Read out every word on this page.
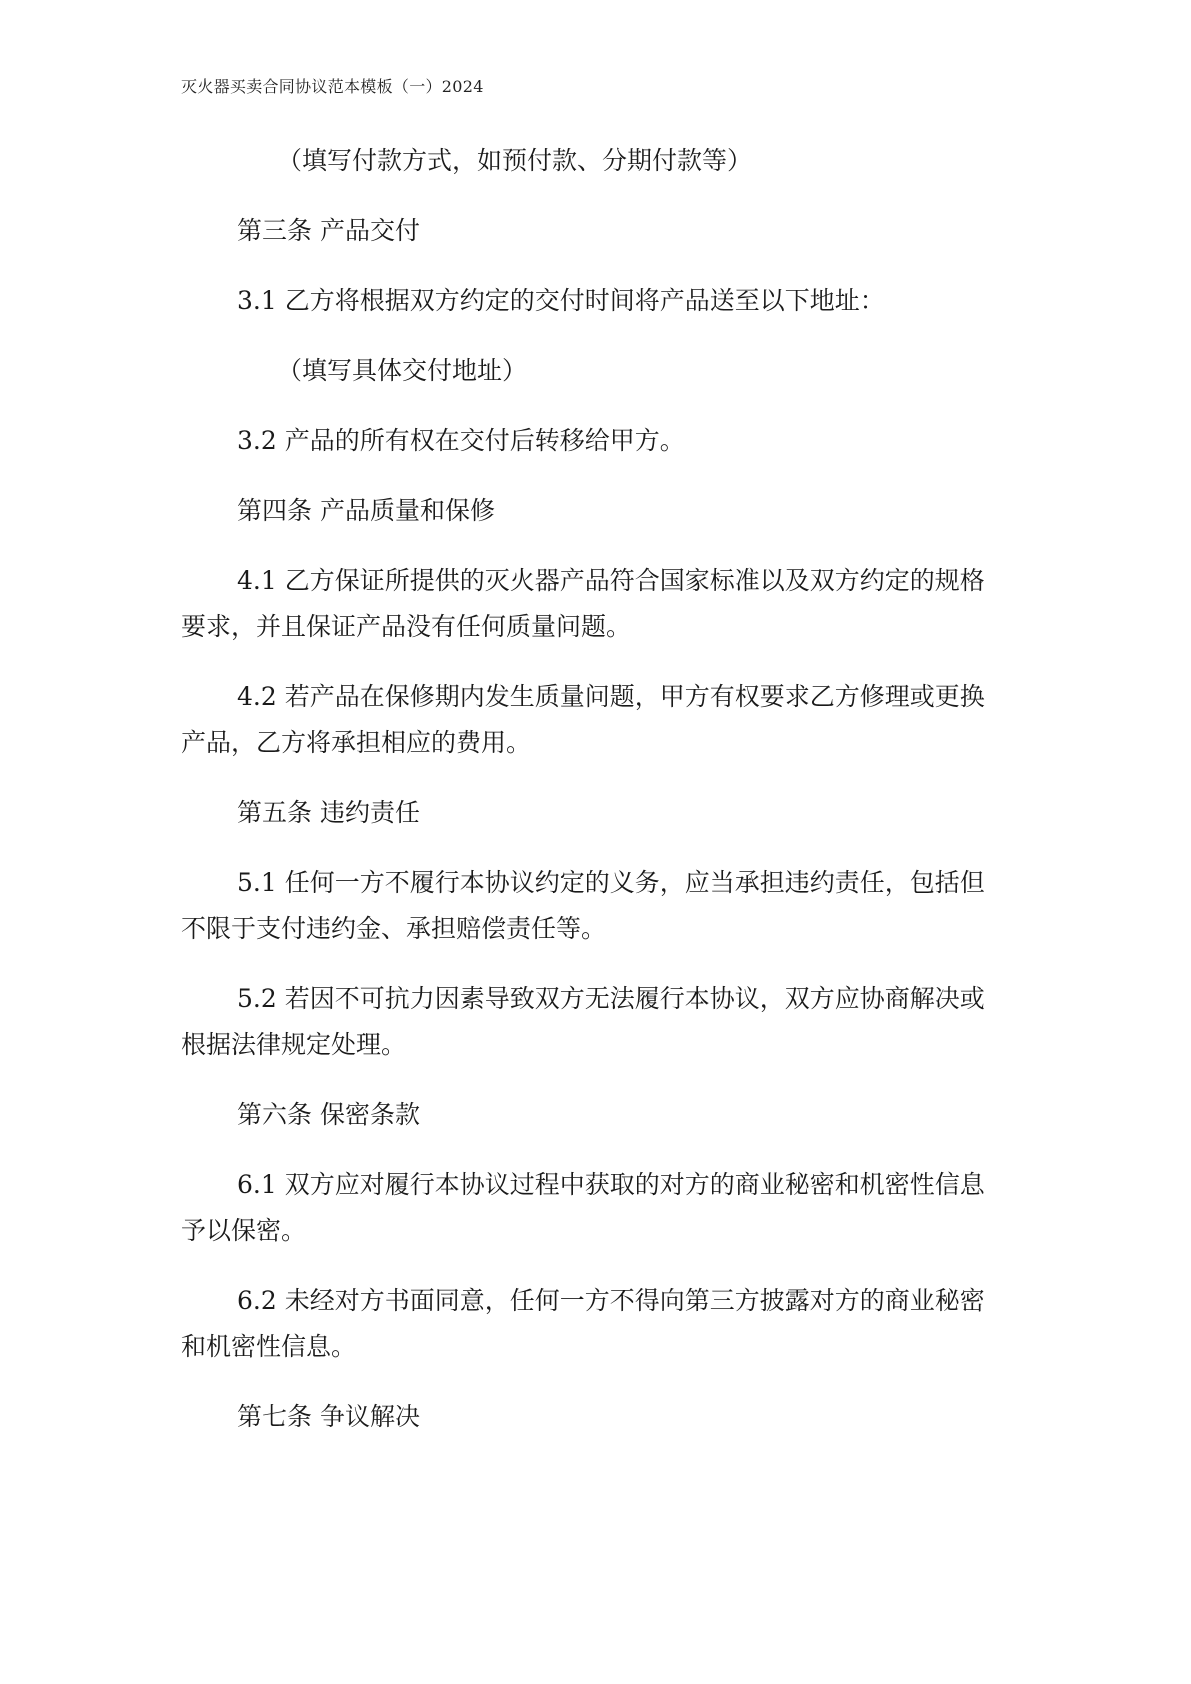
灭火器买卖合同协议范本模板（一）2024

（填写付款方式，如预付款、分期付款等）

第三条 产品交付

3.1 乙方将根据双方约定的交付时间将产品送至以下地址：

（填写具体交付地址）

3.2 产品的所有权在交付后转移给甲方。

第四条 产品质量和保修

4.1 乙方保证所提供的灭火器产品符合国家标准以及双方约定的规格要求，并且保证产品没有任何质量问题。

4.2 若产品在保修期内发生质量问题，甲方有权要求乙方修理或更换产品，乙方将承担相应的费用。

第五条 违约责任

5.1 任何一方不履行本协议约定的义务，应当承担违约责任，包括但不限于支付违约金、承担赔偿责任等。

5.2 若因不可抗力因素导致双方无法履行本协议，双方应协商解决或根据法律规定处理。

第六条 保密条款

6.1 双方应对履行本协议过程中获取的对方的商业秘密和机密性信息予以保密。

6.2 未经对方书面同意，任何一方不得向第三方披露对方的商业秘密和机密性信息。

第七条 争议解决
